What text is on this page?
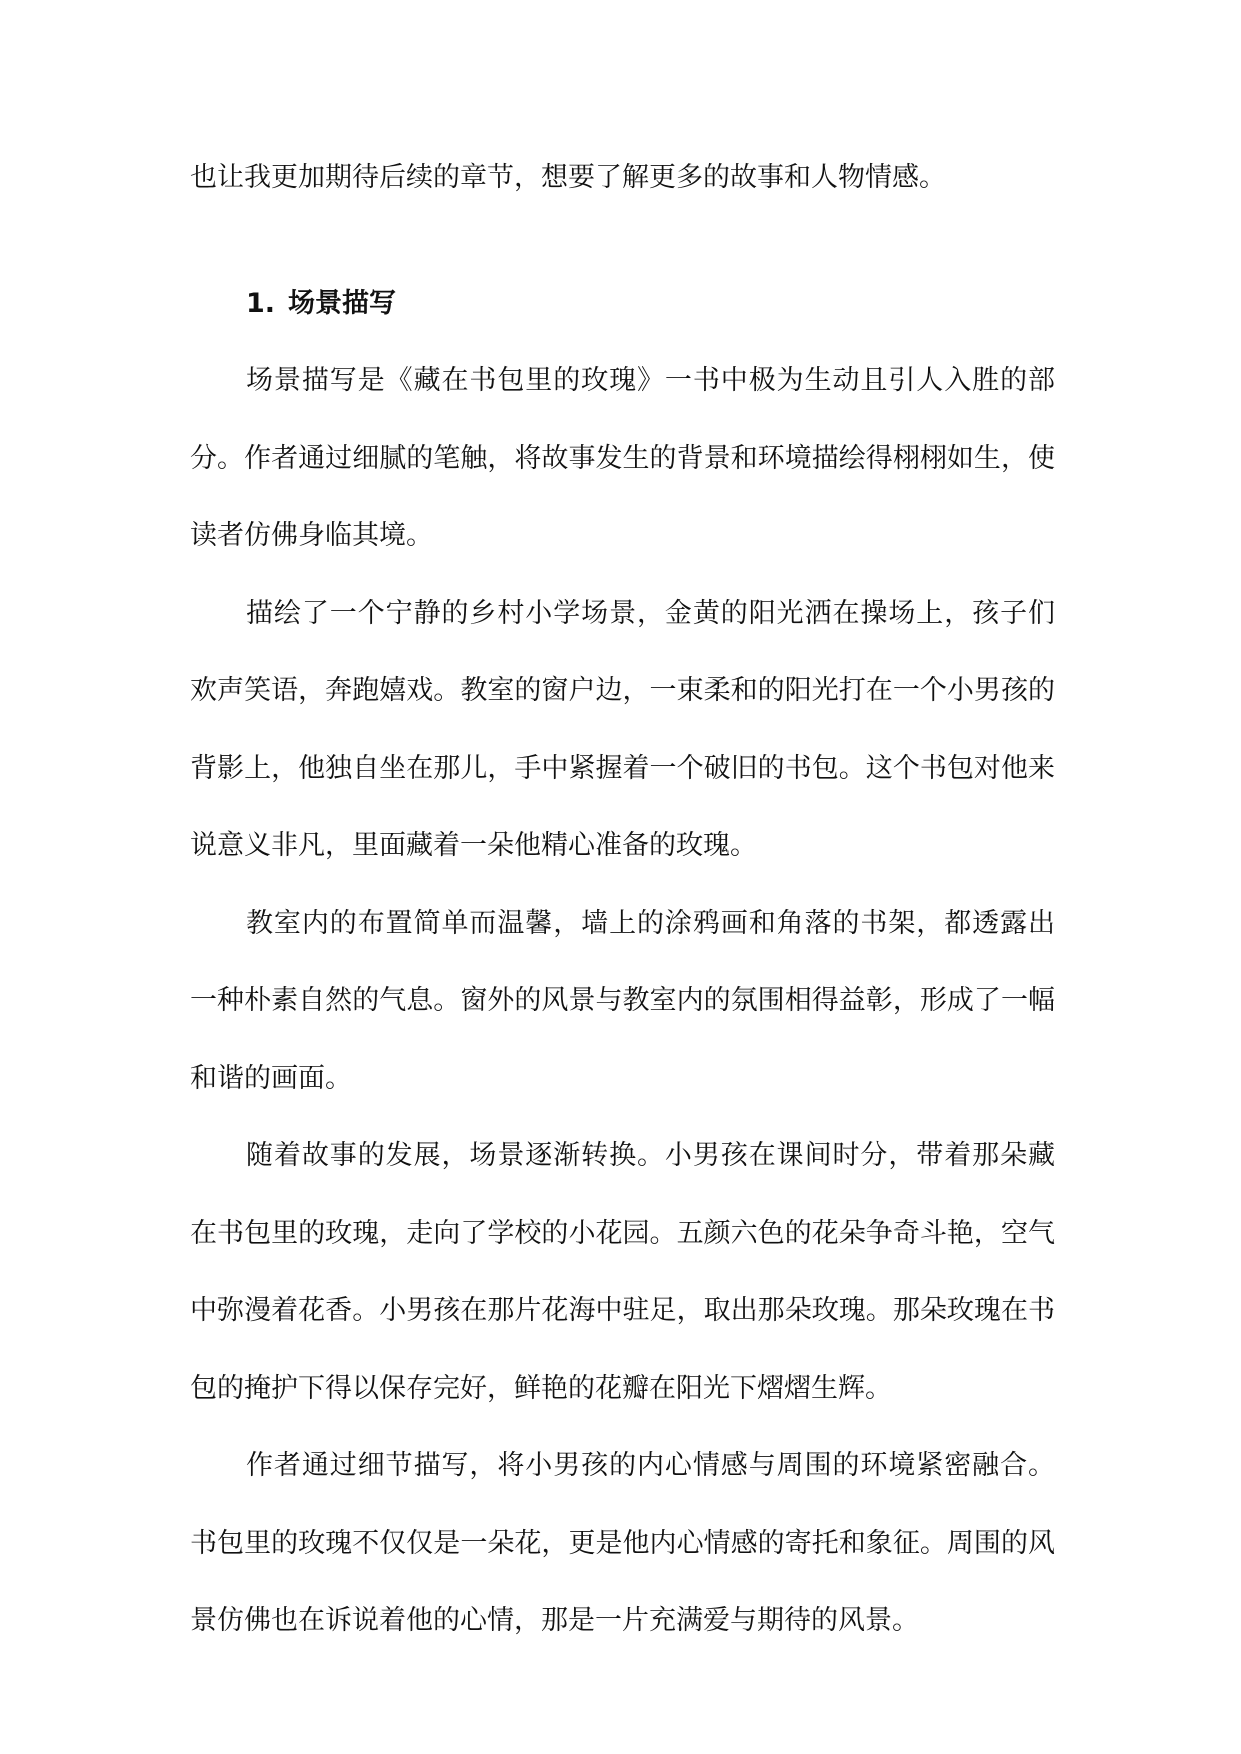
也让我更加期待后续的章节，想要了解更多的故事和人物情感。

1. 场景描写

场景描写是《藏在书包里的玫瑰》一书中极为生动且引人入胜的部分。作者通过细腻的笔触，将故事发生的背景和环境描绘得栩栩如生，使读者仿佛身临其境。

描绘了一个宁静的乡村小学场景，金黄的阳光洒在操场上，孩子们欢声笑语，奔跑嬉戏。教室的窗户边，一束柔和的阳光打在一个小男孩的背影上，他独自坐在那儿，手中紧握着一个破旧的书包。这个书包对他来说意义非凡，里面藏着一朵他精心准备的玫瑰。

教室内的布置简单而温馨，墙上的涂鸦画和角落的书架，都透露出一种朴素自然的气息。窗外的风景与教室内的氛围相得益彰，形成了一幅和谐的画面。

随着故事的发展，场景逐渐转换。小男孩在课间时分，带着那朵藏在书包里的玫瑰，走向了学校的小花园。五颜六色的花朵争奇斗艳，空气中弥漫着花香。小男孩在那片花海中驻足，取出那朵玫瑰。那朵玫瑰在书包的掩护下得以保存完好，鲜艳的花瓣在阳光下熠熠生辉。

作者通过细节描写，将小男孩的内心情感与周围的环境紧密融合。书包里的玫瑰不仅仅是一朵花，更是他内心情感的寄托和象征。周围的风景仿佛也在诉说着他的心情，那是一片充满爱与期待的风景。
